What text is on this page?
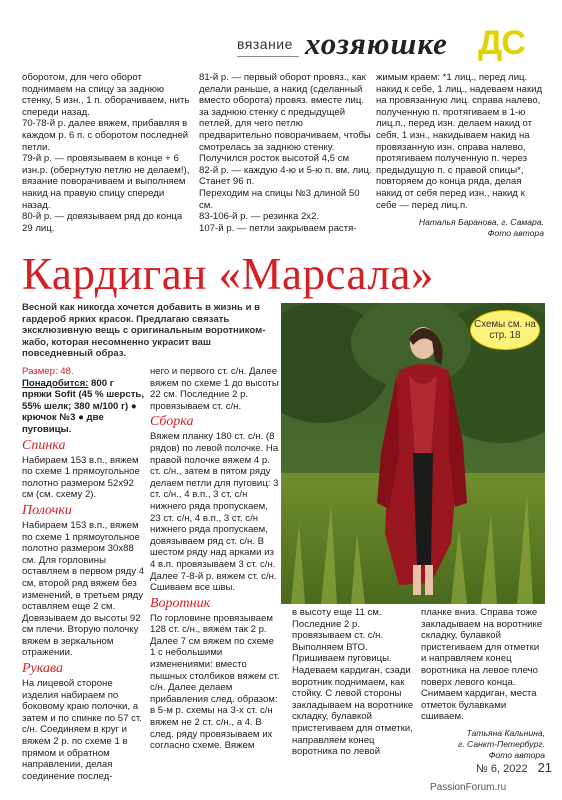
вязание хозяюшке ДС

оборотом, для чего оборот поднимаем на спицу за заднюю стенку, 5 изн., 1 п. оборачиваем, нить спереди назад.
70-78-й р. далее вяжем, прибавляя в каждом р. 6 п. с оборотом последней петли.
79-й р. — провязываем в конце + 6 изн.р. (обернутую петлю не делаем!), вязание поворачиваем и выполняем накид на правую спицу спереди назад.
80-й р. — довязываем ряд до конца 29 лиц.

81-й р. — первый оборот провяз., как делали раньше, а накид (сделанный вместо оборота) провяз. вместе лиц. за заднюю стенку с предыдущей петлей, для чего петлю предварительно поворачиваем, чтобы смотрелась за заднюю стенку. Получился росток высотой 4,5 см
82-й р. — каждую 4-ю и 5-ю п. вм. лиц. Станет 96 п.
Переходим на спицы №3 длиной 50 см.
83-106-й р. — резинка 2х2.
107-й р. — петли закрываем растя-

жимым краем: *1 лиц., перед лиц. накид к себе, 1 лиц., надеваем накид на провязанную лиц. справа налево, полученную п. протягиваем в 1-ю лиц.п., перед изн. делаем накид от себя, 1 изн., накидываем накид на провязанную изн. справа налево, протягиваем полученную п. через предыдущую п. с правой спицы*, повторяем до конца ряда, делая накид от себя перед изн., накид к себе — перед лиц.п.

Наталья Баранова, г. Самара.

Фото автора

Кардиган «Марсала»
Весной как никогда хочется добавить в жизнь и в гардероб ярких красок. Предлагаю связать эксклюзивную вещь с оригинальным воротником-жабо, которая несомненно украсит ваш повседневный образ.

Размер: 48.

Понадобится: 800 г пряжи Sofit (45 % шерсть, 55% шелк; 380 м/100 г) ● крючок №3 ● две пуговицы.

Спинка

Набираем 153 в.п., вяжем по схеме 1 прямоугольное полотно размером 52х92 см (см. схему 2).

Полочки

Набираем 153 в.п., вяжем по схеме 1 прямоугольное полотно размером 30х88 см. Для горловины оставляем в первом ряду 4 см, второй ряд вяжем без изменений, в третьем ряду оставляем еще 2 см. Довязываем до высоты 92 см плечи. Вторую полочку вяжем в зеркальном отражении.

Рукава

На лицевой стороне изделия набираем по боковому краю полочки, а затем и по спинке по 57 ст. с/н. Соединяем в круг и вяжем 2 р. по схеме 1 в прямом и обратном направлении, делая соединение послед-

него и первого ст. с/н. Далее вяжем по схеме 1 до высоты 22 см. Последние 2 р. провязываем ст. с/н.

Сборка

Вяжем планку 180 ст. с/н. (8 рядов) по левой полочке. На правой полочке вяжем 4 р. ст. с/н., затем в пятом ряду делаем петли для пуговиц: 3 ст. с/н., 4 в.п., 3 ст. с/н нижнего ряда пропускаем, 23 ст. с/н, 4 в.п., 3 ст. с/н нижнего ряда пропускаем, довязываем ряд ст. с/н. В шестом ряду над арками из 4 в.п. провязываем 3 ст. с/н. Далее 7-8-й р. вяжем ст. с/н. Сшиваем все швы.

Воротник

По горловине провязываем 128 ст. с/н., вяжем так 2 р. Далее 7 см вяжем по схеме 1 с небольшими изменениями: вместо пышных столбиков вяжем ст. с/н. Далее делаем прибавления след. образом: в 5-м р. схемы на 3-х ст. с/н вяжем не 2 ст. с/н., а 4. В след. ряду провязываем их согласно схеме. Вяжем

Схемы см. на стр. 18

в высоту еще 11 см. Последние 2 р. провязываем ст. с/н.
Выполняем ВТО. Пришиваем пуговицы. Надеваем кардиган, сзади воротник поднимаем, как стойку. С левой стороны закладываем на воротнике складку, булавкой пристегиваем для отметки, направляем конец воротника по левой

планке вниз. Справа тоже закладываем на воротнике складку, булавкой пристегиваем для отметки и направляем конец воротника на левое плечо поверх левого конца. Снимаем кардиган, места отметок булавками сшиваем.

Татьяна Кальнина,

г. Санкт-Петербург.

Фото автора

№ 6, 2022 21
PassionForum.ru
